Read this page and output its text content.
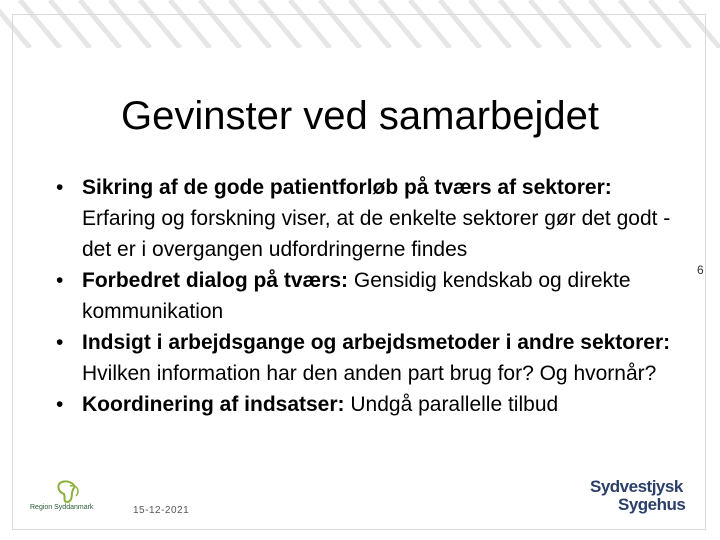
Gevinster ved samarbejdet
• Sikring af de gode patientforløb på tværs af sektorer: Erfaring og forskning viser, at de enkelte sektorer gør det godt - det er i overgangen udfordringerne findes
• Forbedret dialog på tværs: Gensidig kendskab og direkte kommunikation
• Indsigt i arbejdsgange og arbejdsmetoder i andre sektorer: Hvilken information har den anden part brug for? Og hvornår?
• Koordinering af indsatser: Undgå parallelle tilbud
6
Region Syddanmark	15-12-2021
Sydvestjysk
Sygehus
